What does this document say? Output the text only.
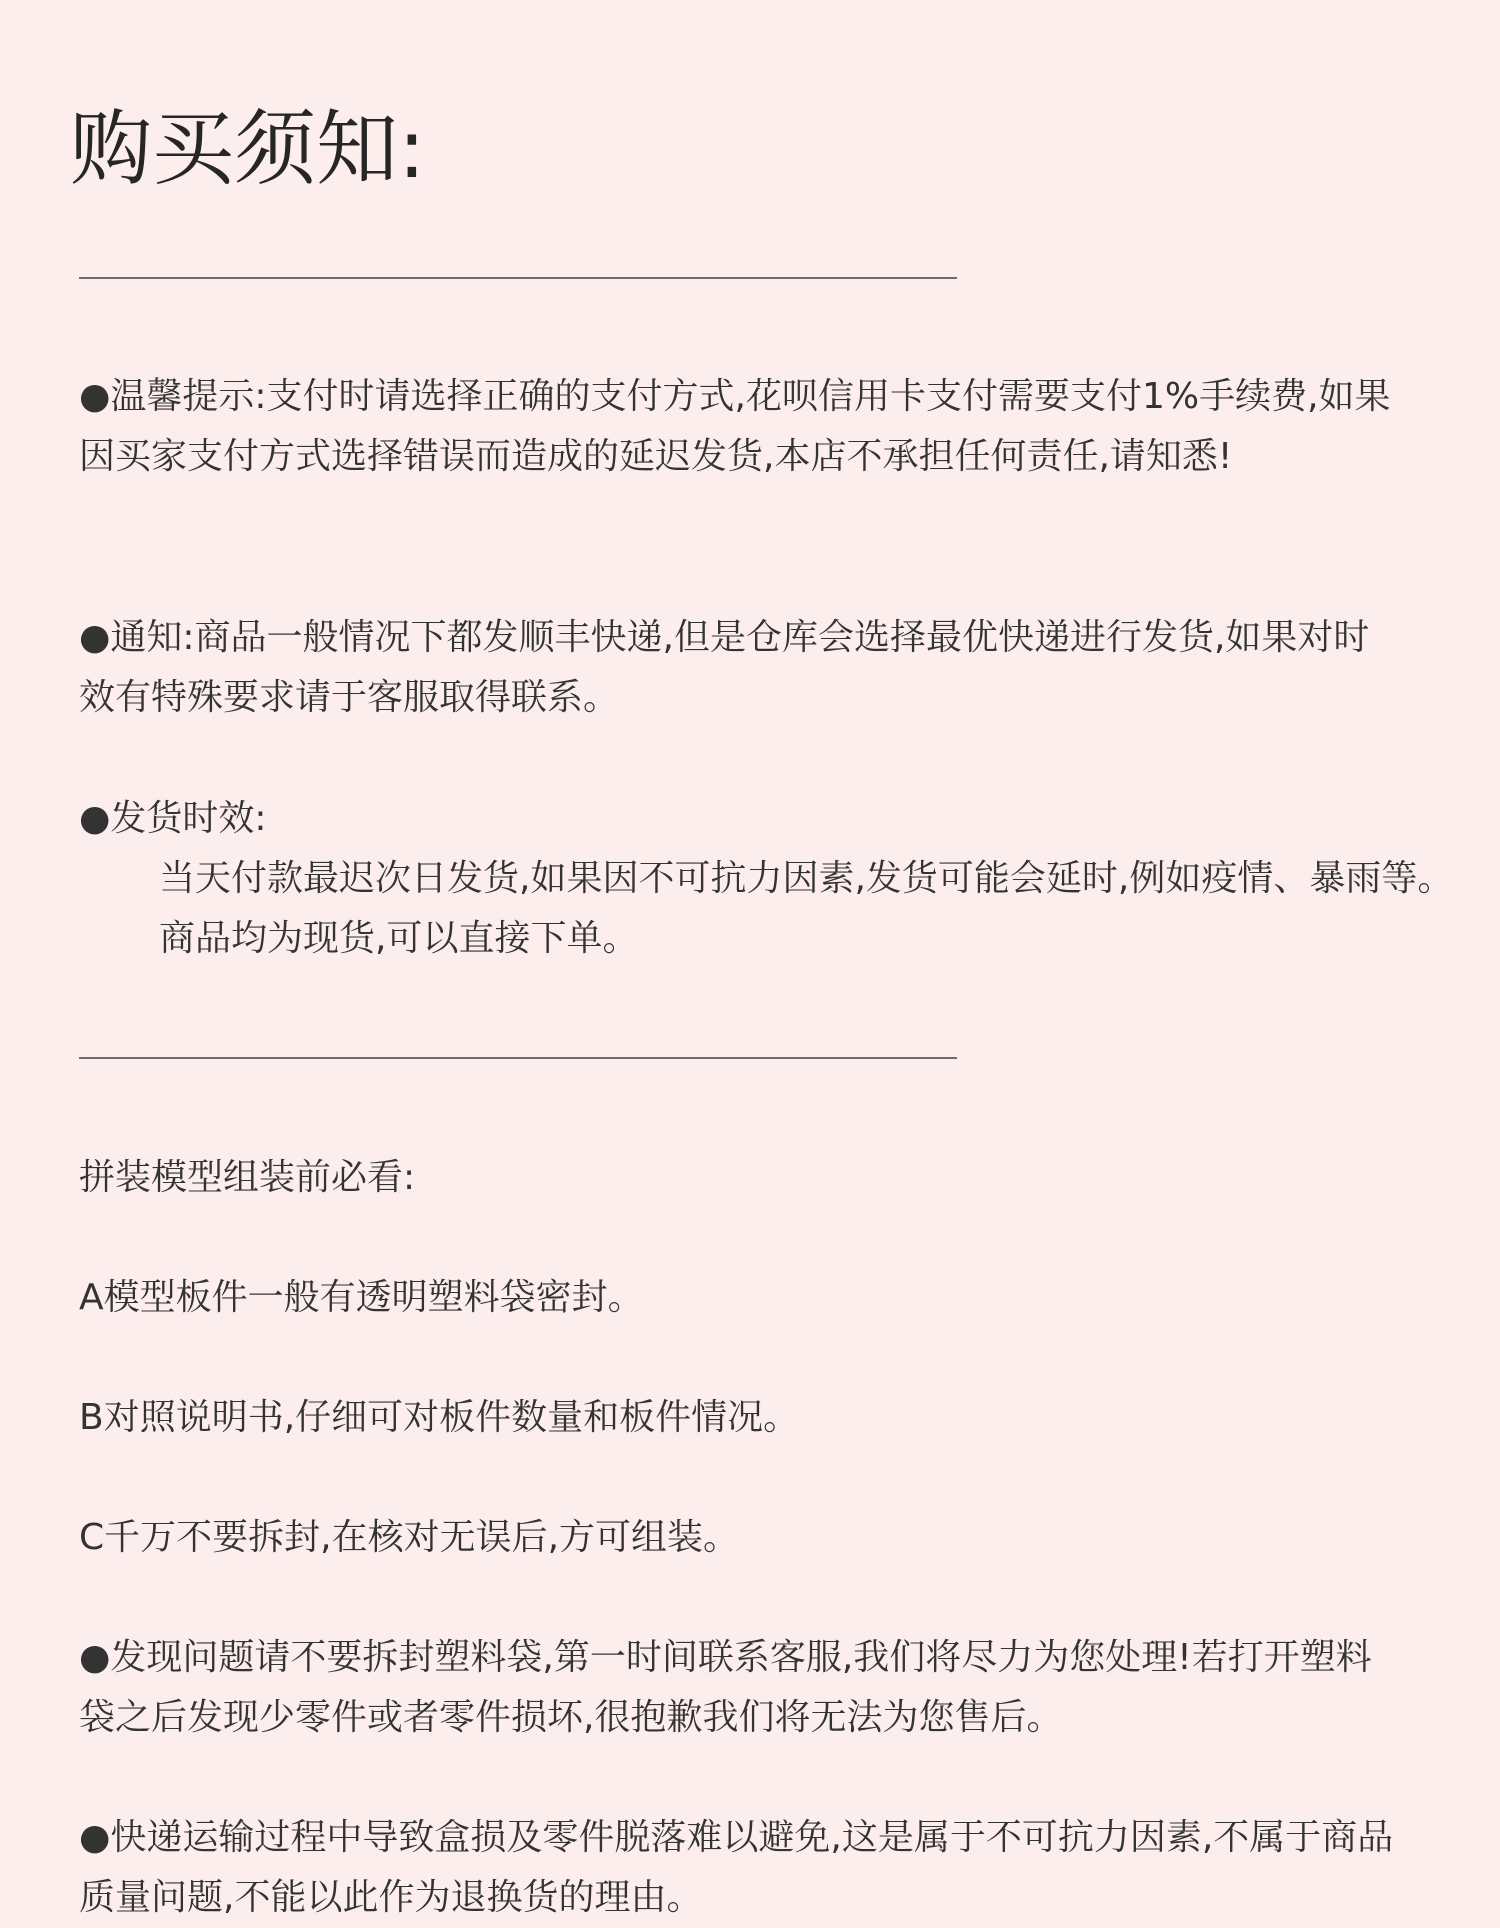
购买须知:

●温馨提示:支付时请选择正确的支付方式,花呗信用卡支付需要支付1%手续费,如果因买家支付方式选择错误而造成的延迟发货,本店不承担任何责任,请知悉!

●通知:商品一般情况下都发顺丰快递,但是仓库会选择最优快递进行发货,如果对时效有特殊要求请于客服取得联系。

●发货时效:

当天付款最迟次日发货,如果因不可抗力因素,发货可能会延时,例如疫情、暴雨等。商品均为现货,可以直接下单。

拼装模型组装前必看:

A模型板件一般有透明塑料袋密封。

B对照说明书,仔细可对板件数量和板件情况。

C千万不要拆封,在核对无误后,方可组装。

●发现问题请不要拆封塑料袋,第一时间联系客服,我们将尽力为您处理!若打开塑料袋之后发现少零件或者零件损坏,很抱歉我们将无法为您售后。

●快递运输过程中导致盒损及零件脱落难以避免,这是属于不可抗力因素,不属于商品质量问题,不能以此作为退换货的理由。
